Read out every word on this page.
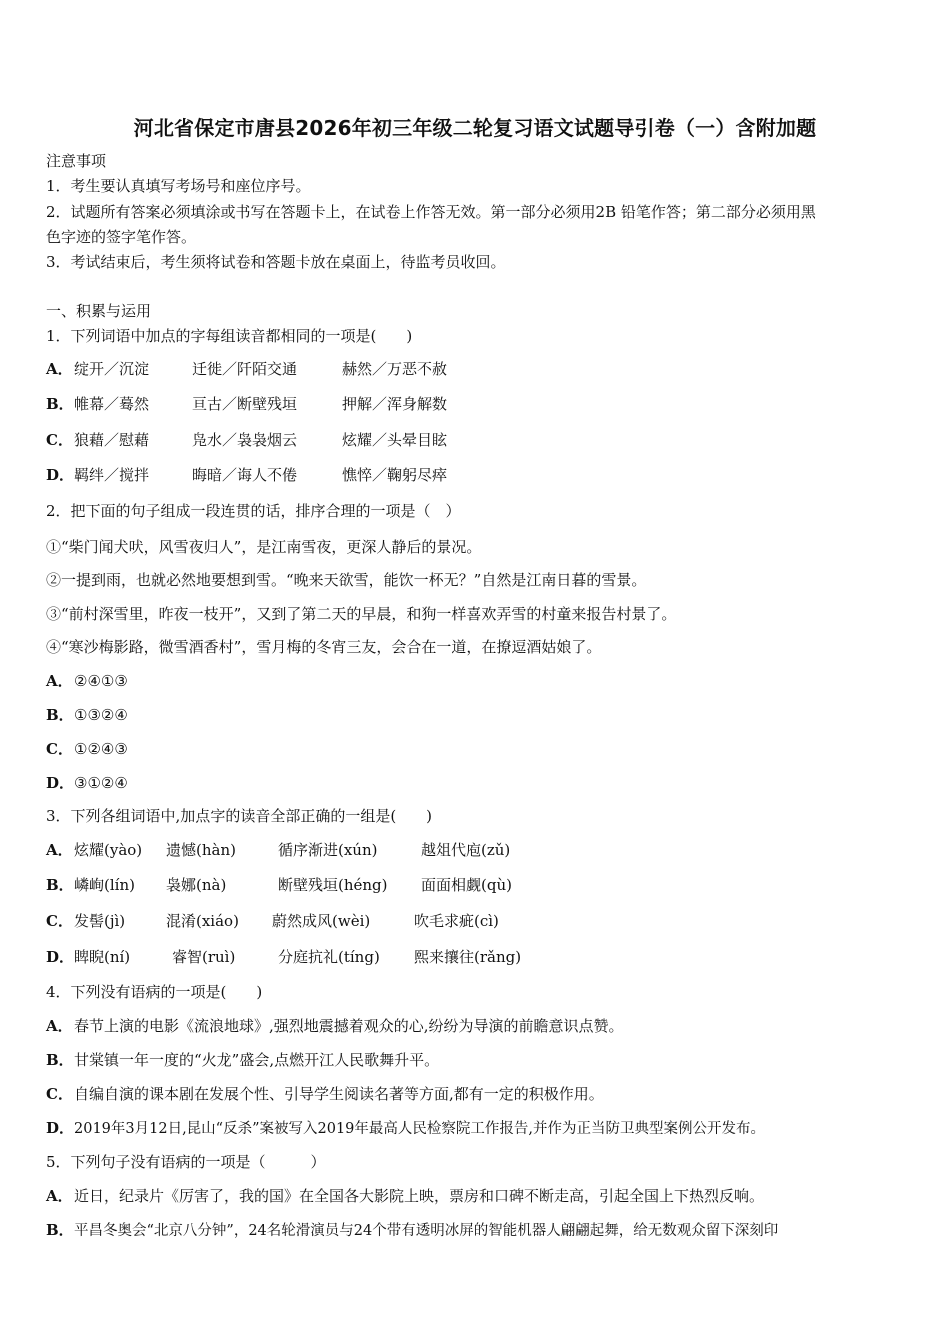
河北省保定市唐县2026年初三年级二轮复习语文试题导引卷（一）含附加题
注意事项
1．考生要认真填写考场号和座位序号。
2．试题所有答案必须填涂或书写在答题卡上，在试卷上作答无效。第一部分必须用2B 铅笔作答；第二部分必须用黑
色字迹的签字笔作答。
3．考试结束后，考生须将试卷和答题卡放在桌面上，待监考员收回。
一、积累与运用
1．下列词语中加点的字每组读音都相同的一项是(　　)
A．绽开／沉淀	迁徙／阡陌交通	赫然／万恶不赦
B．帷幕／蓦然	亘古／断壁残垣	押解／浑身解数
C．狼藉／慰藉	凫水／袅袅烟云	炫耀／头晕目眩
D．羁绊／搅拌	晦暗／诲人不倦	憔悴／鞠躬尽瘁
2．把下面的句子组成一段连贯的话，排序合理的一项是（　）
①“柴门闻犬吠，风雪夜归人”，是江南雪夜，更深人静后的景况。
②一提到雨，也就必然地要想到雪。“晚来天欲雪，能饮一杯无？”自然是江南日暮的雪景。
③“前村深雪里，昨夜一枝开”，又到了第二天的早晨，和狗一样喜欢弄雪的村童来报告村景了。
④“寒沙梅影路，微雪酒香村”，雪月梅的冬宵三友，会合在一道，在撩逗酒姑娘了。
A．②④①③
B．①③②④
C．①②④③
D．③①②④
3．下列各组词语中,加点字的读音全部正确的一组是(　　)
A．炫耀(yào) 遗憾(hàn)	循序渐进(xún)	越俎代庖(zǔ)
B．嶙峋(lín) 袅娜(nà)	断壁残垣(héng) 面面相觑(qù)
C．发髻(jì)	混淆(xiáo) 蔚然成风(wèi)	吹毛求疵(cì)
D．睥睨(ní)	睿智(ruì)	分庭抗礼(tíng) 熙来攘往(rǎng)
4．下列没有语病的一项是(　　)
A．春节上演的电影《流浪地球》,强烈地震撼着观众的心,纷纷为导演的前瞻意识点赞。
B．甘棠镇一年一度的“火龙”盛会,点燃开江人民歌舞升平。
C．自编自演的课本剧在发展个性、引导学生阅读名著等方面,都有一定的积极作用。
D．2019年3月12日,昆山“反杀”案被写入2019年最高人民检察院工作报告,并作为正当防卫典型案例公开发布。
5．下列句子没有语病的一项是（　　　）
A．近日，纪录片《厉害了，我的国》在全国各大影院上映，票房和口碑不断走高，引起全国上下热烈反响。
B．平昌冬奥会“北京八分钟”，24名轮滑演员与24个带有透明冰屏的智能机器人翩翩起舞，给无数观众留下深刻印
